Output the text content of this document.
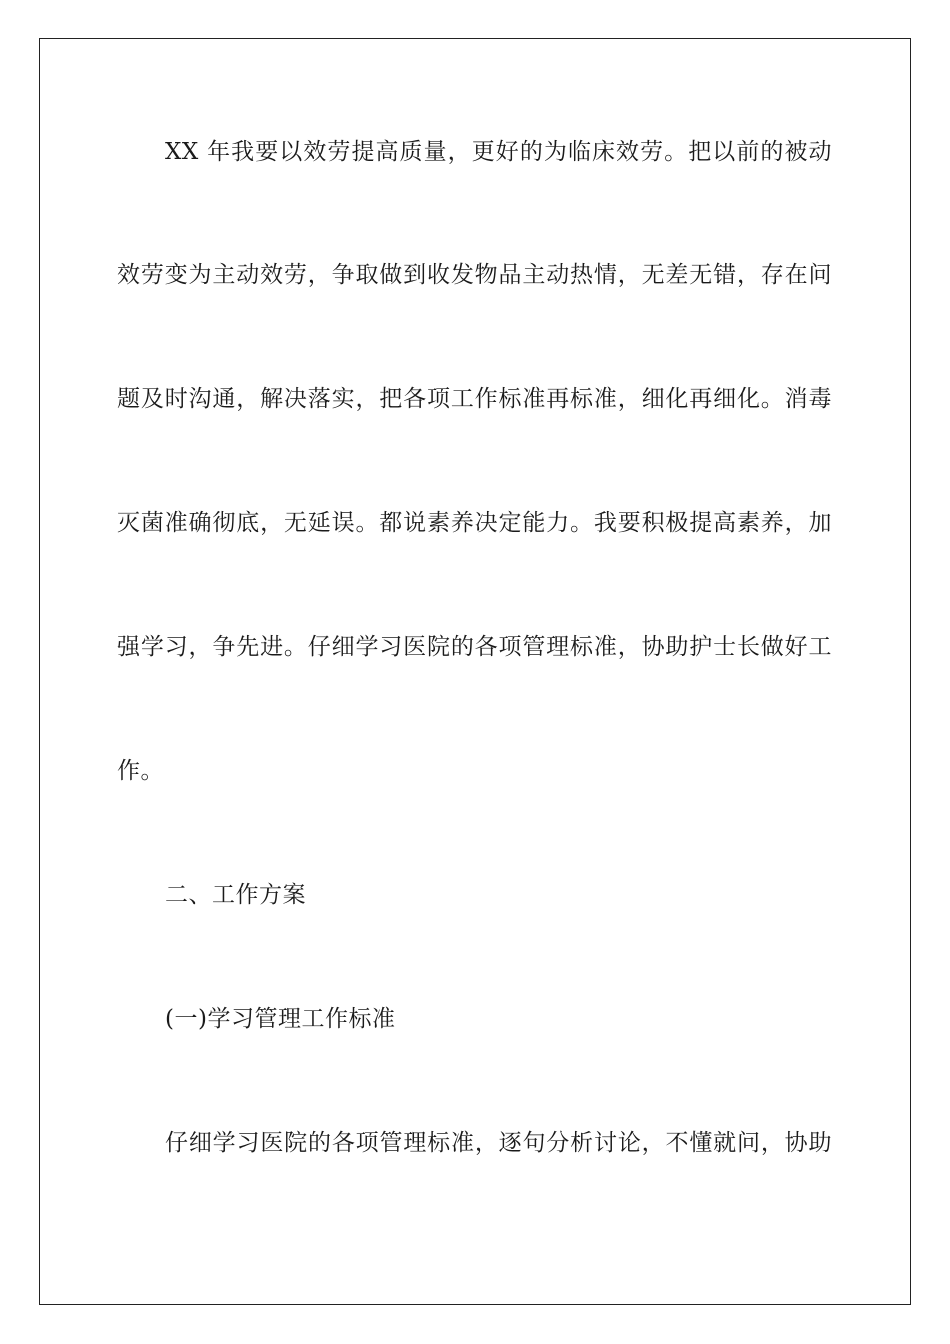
XX 年我要以效劳提高质量，更好的为临床效劳。把以前的被动
效劳变为主动效劳，争取做到收发物品主动热情，无差无错，存在问
题及时沟通，解决落实，把各项工作标准再标准，细化再细化。消毒
灭菌准确彻底，无延误。都说素养决定能力。我要积极提高素养，加
强学习，争先进。仔细学习医院的各项管理标准，协助护士长做好工
作。
二、工作方案
(一)学习管理工作标准
仔细学习医院的各项管理标准，逐句分析讨论，不懂就问，协助
